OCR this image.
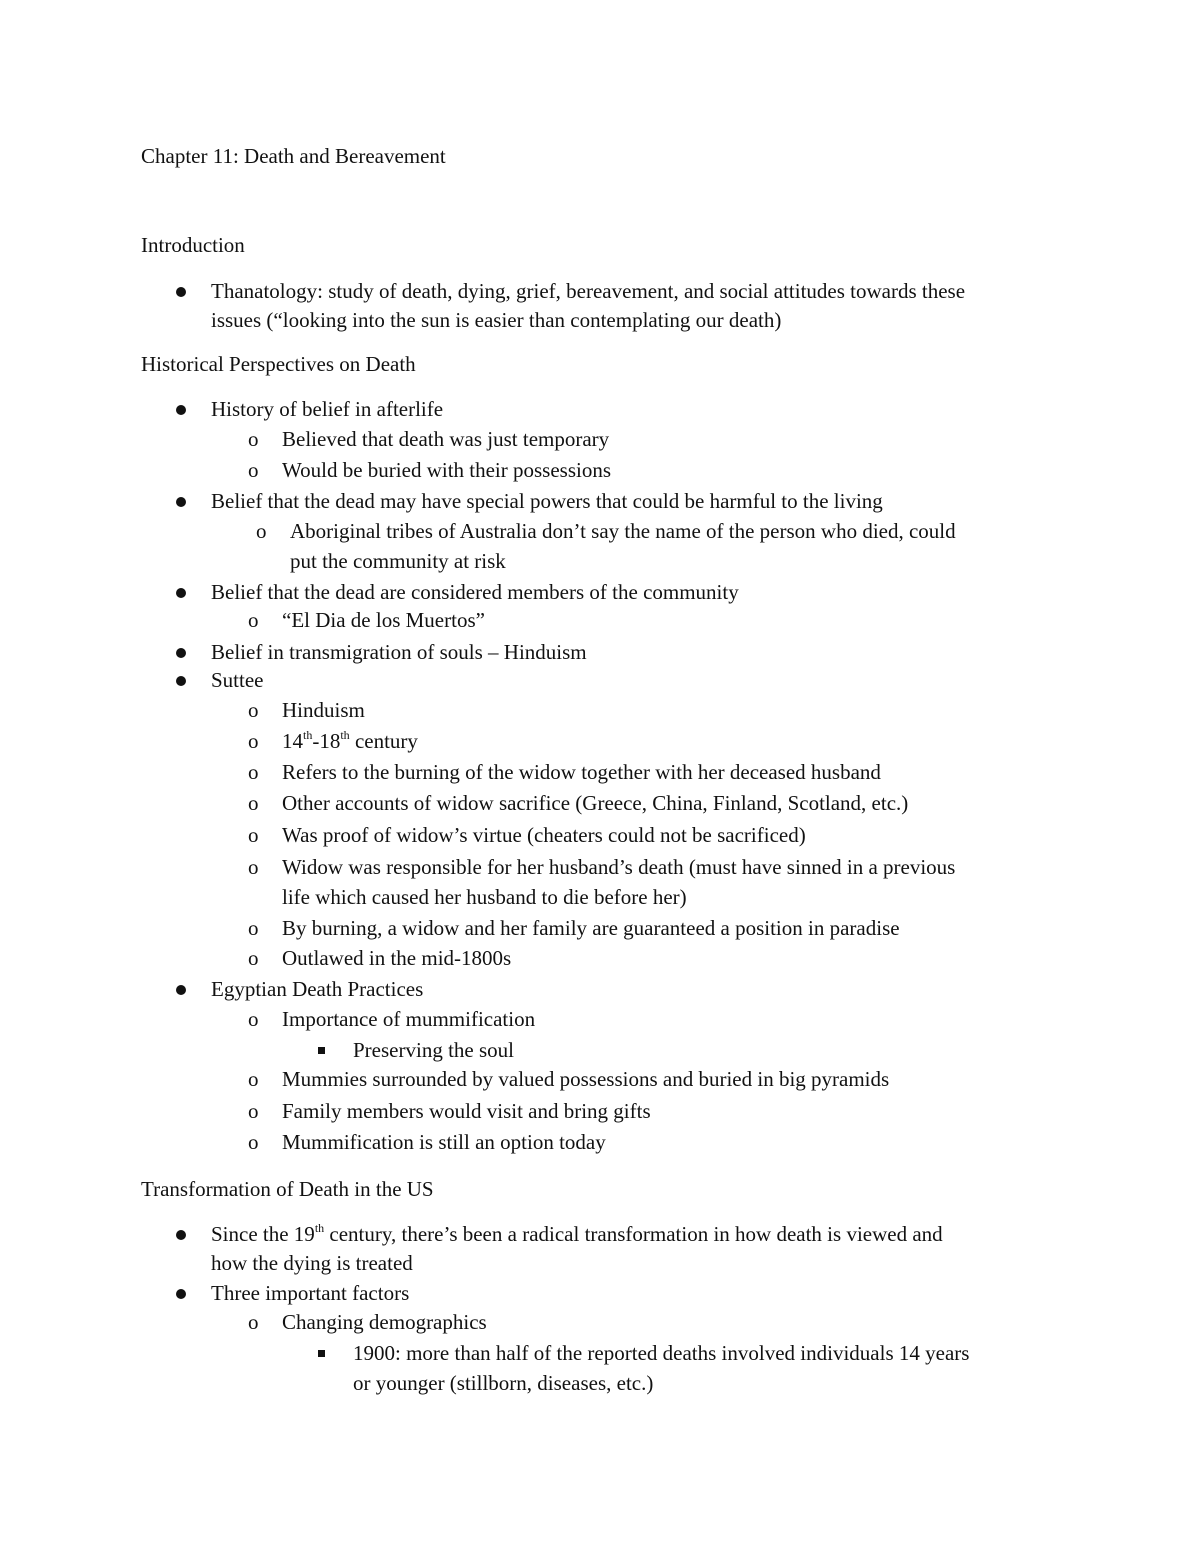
Chapter 11: Death and Bereavement
Introduction
Thanatology: study of death, dying, grief, bereavement, and social attitudes towards these
issues (“looking into the sun is easier than contemplating our death)
Historical Perspectives on Death
History of belief in afterlife
o Believed that death was just temporary
o Would be buried with their possessions
Belief that the dead may have special powers that could be harmful to the living
o Aboriginal tribes of Australia don’t say the name of the person who died, could
put the community at risk
Belief that the dead are considered members of the community
o “El Dia de los Muertos”
Belief in transmigration of souls – Hinduism
Suttee
o Hinduism
o 14th-18th century
o Refers to the burning of the widow together with her deceased husband
o Other accounts of widow sacrifice (Greece, China, Finland, Scotland, etc.)
o Was proof of widow’s virtue (cheaters could not be sacrificed)
o Widow was responsible for her husband’s death (must have sinned in a previous
life which caused her husband to die before her)
o By burning, a widow and her family are guaranteed a position in paradise
o Outlawed in the mid-1800s
Egyptian Death Practices
o Importance of mummification
Preserving the soul
o Mummies surrounded by valued possessions and buried in big pyramids
o Family members would visit and bring gifts
o Mummification is still an option today
Transformation of Death in the US
Since the 19th century, there’s been a radical transformation in how death is viewed and
how the dying is treated
Three important factors
o Changing demographics
1900: more than half of the reported deaths involved individuals 14 years
or younger (stillborn, diseases, etc.)
